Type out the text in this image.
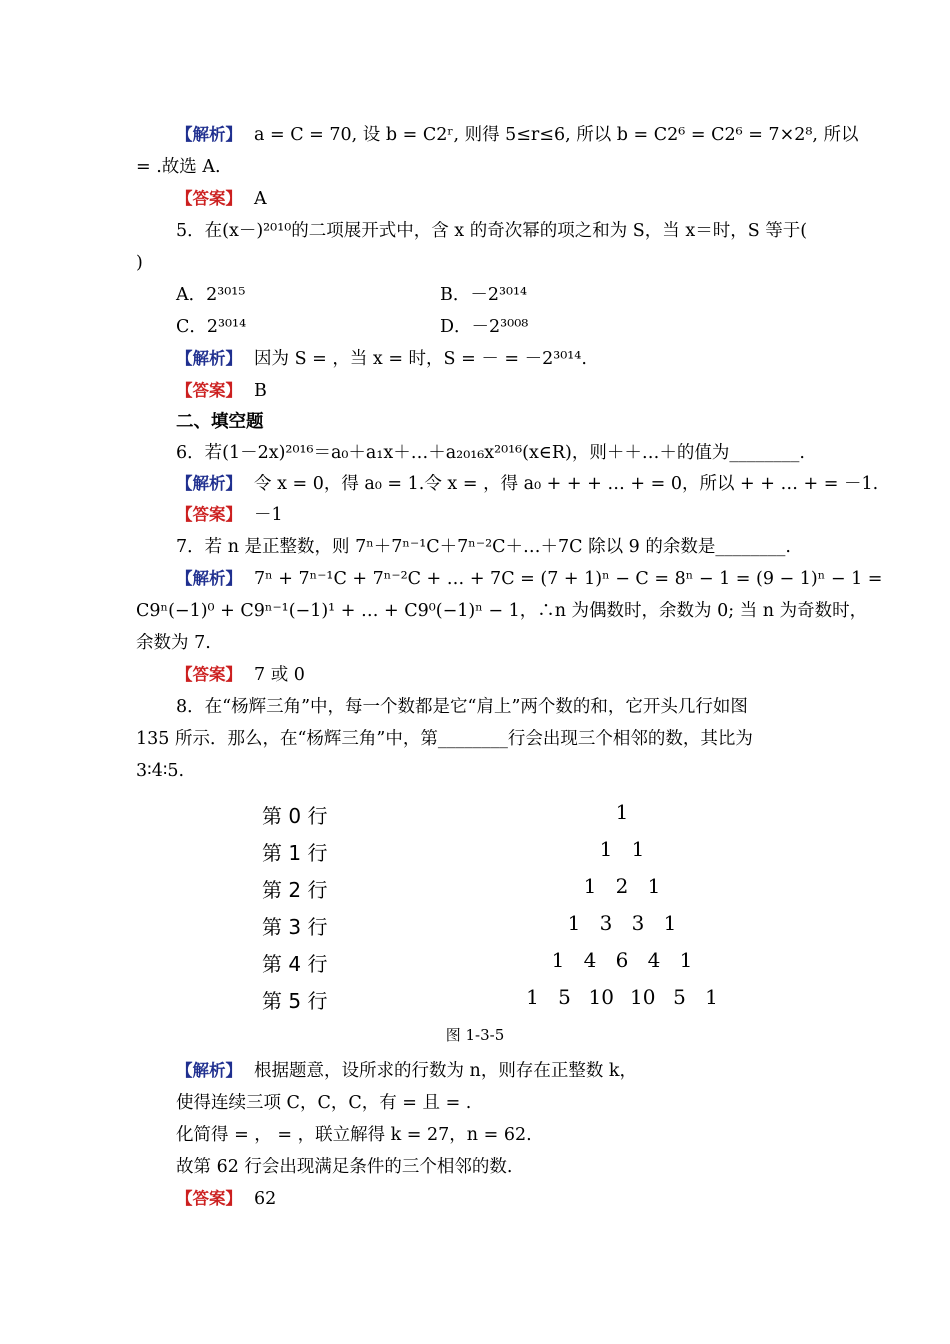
【解析】 a = C = 70, 设 b = C2ʳ, 则得 5≤r≤6, 所以 b = C2⁶ = C2⁶ = 7×2⁸, 所以
= .故选 A.
【答案】 A
5．在(x－)²⁰¹⁰的二项展开式中，含 x 的奇次幂的项之和为 S，当 x＝时，S 等于(
)
A．2³⁰¹⁵	B．－2³⁰¹⁴
C．2³⁰¹⁴	D．－2³⁰⁰⁸
【解析】 因为 S = ，当 x = 时，S = － = －2³⁰¹⁴.
【答案】 B
二、填空题
6．若(1－2x)²⁰¹⁶＝a₀＋a₁x＋…＋a₂₀₁₆x²⁰¹⁶(x∈R)，则＋＋…＋的值为________.
【解析】 令 x = 0，得 a₀ = 1.令 x = ，得 a₀ + + + … + = 0，所以 + + … + = －1.
【答案】 －1
7．若 n 是正整数，则 7ⁿ＋7ⁿ⁻¹C＋7ⁿ⁻²C＋…＋7C 除以 9 的余数是________.
【解析】 7ⁿ + 7ⁿ⁻¹C + 7ⁿ⁻²C + … + 7C = (7 + 1)ⁿ − C = 8ⁿ − 1 = (9 − 1)ⁿ − 1 =
C9ⁿ(−1)⁰ + C9ⁿ⁻¹(−1)¹ + … + C9⁰(−1)ⁿ − 1，∴n 为偶数时，余数为 0; 当 n 为奇数时，
余数为 7.
【答案】 7 或 0
8．在“杨辉三角”中，每一个数都是它“肩上”两个数的和，它开头几行如图
135 所示．那么，在“杨辉三角”中，第________行会出现三个相邻的数，其比为
3∶4∶5.
第 0 行	1
第 1 行	1 1
第 2 行	1 2 1
第 3 行	1 3 3 1
第 4 行	1 4 6 4 1
第 5 行	1 5 10 10 5 1
图 1-3-5
【解析】 根据题意，设所求的行数为 n，则存在正整数 k，
使得连续三项 C，C，C，有 = 且 = .
化简得 = ， = ，联立解得 k = 27，n = 62.
故第 62 行会出现满足条件的三个相邻的数.
【答案】 62
